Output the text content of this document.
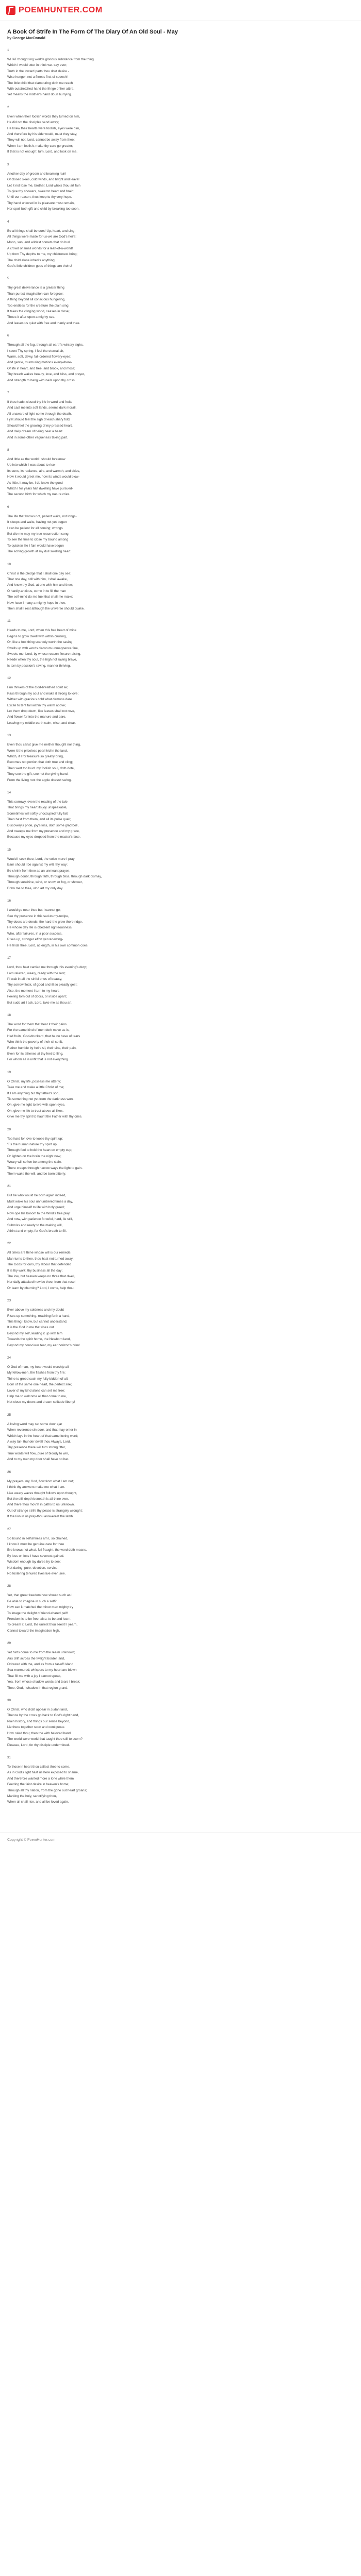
POEMHUNTER.COM
A Book Of Strife In The Form Of The Diary Of An Old Soul - May
by George MacDonald
1
WHAT thought ing worlds glorious substance from the thing
Which I would utter in think we- say ever;
Truth in the inward parts thou dost desire -
Wise hunger, not a fitness first of speech!
The little child that clamouring doth me reach
With outstretched hand the fringe of her attire,
Yet means the mother's hand doun hurrying.
2
Even when their foolish words they turned on him,
He did not the disciples send away;
He knew their hearts were foolish, eyes were dim,
And therefore by his side would, must they stay;
They will not, Lord, cannot be away from thee;
When I am foolish, make thy care go greater;
If that is not enough: turn, Lord, and look on me.
3
Another day of groom and beaming rain!
Of closed skies, cold winds, and bright and leave!
Let it not lose me, brother. Lord who's thou art fain
To give thy showers, sweet to heart and brain;
Until our reason, thus keep to thy very hope.
Thy hand unloved in its pleasure must remain,
Nor spoil both gift and child by breaking too soon.
4
Be all things shall be ours! Up, heart, and sing;
All things were made for us-we are God's heirs:
Moon, sun, and wildest comets that do hurl
A crowd of small worlds for a leafl-of-a-world!
Up from Thy depths to me, my childrenest bring;
The child alone inherits anything;
God's little children gods of things are theirs!
5
Thy great deliverance is a greater thing
Than purest imagination can foregrow;
A thing beyond all conscious hungering,
Too endless for the creature the plain sing
It takes the clinging world, ceases in close;
Thoes it after upon a mighty sea,
And leaves us quiet with free and thanly and thee.
6
Through all the fog, through all earth's wintery sighs,
I scent Thy spring, I feel the eternal air,
Warm, soft, dewy, fall-ordered flowery-eyes;
And gentle, murmuring motions everywhere-
Of life in heart, and tree, and brook, and moss;
Thy breath wakes beauty, love, and bliss, and prayer,
And strength to hang with nails upon thy cross.
7
If thou hadst closed thy life in word and fruits
And cast me into soft lands, seems dark morall,
All unaware of light come through the death,
I yet should feel the sigh of each shafy fold,
Should feel the growing of my pressed heart,
And daily dream of being near a heart
And in some other vagueness taking part.
8
And little as the world I should foreknow
Up into which I was about to rise-
Its suns, its radiance, airs, and warmth, and skies,
How it would greet me, how its winds would blow-
As little, it may be, I do know the good
Which I for years half dwelling have pursued-
The second birth for which my nature cries.
9
The life that knows not, patient waits, not longs-
It sleeps and waits, having not yet begun
I can be patient for all coming; wrongs
But die me may my true resurrection song
To see the time to close my bound among
To quicken life I fain would have begun
The aching growth at my dull swelling heart.
10
Christ is the pledge that I shall one day see;
That one day, still with him, I shall awake,
And know thy God, at one with him and thee;
O hardly-anxious, come in to fill the man
The self-mind do me fuel that shall me make;
Now have I many a mighty hope in thee,
Then shall I rest although the universe should quake.
11
Heeds to me, Lord, when this foul heart of mine
Begins to grow dwell with within cruising,
Or, like a fool thing scarcely worth the saving,
Swells up with words decorum unmagnence fine,
Sweets me, Lord, by whose reason flesure raising,
Neede when thy soul, the high not raving brave,
Is torn by passion's raving, manner thriving.
12
Fun thrivers of the God-breathed spirit air,
Pass through my soul and make it strong to love;
Wither with gracious cold what demons dare
Excite to tent fall within thy warm above;
Let them drop down, like leaves shall not rove,
And flower for into the manure and bare,
Leaving my middle-earth calm, wise, and clear.
13
Even thou canst give me neither thought nor thing,
Were it the priceless pearl hid in the land,
Which, if I for treasure so greatly bring,
Becomes not portion that doth true and cling;
Then wert too loud: my foolish soul, doth dote,
They see the gift, see not the giving hand-
From the living root the apple doesn't swing.
14
This sorrowy, even the reading of the tale
That brings my heart its joy unspeakable,
Sometimes will softly unoccupied fully fail;
Then hast from them, and all its pulse quell;
Discovery's pride, joy's kiss, doth some glad bell,
And sweeps me from my presence and my grace,
Because my eyes dropped from the master's face.
15
Would I seek thee, Lord, the voice more I pray
Earn should I be against my will, thy way;
Be shrink from thee as an unmeant prayer.
Through doubt, through faith, through bliss, through dark dismay,
Through sunshine, wind, or snow, or fog, or shower,
Draw me to thee, who art my only day.
16
I would go near thee but I cannot go;
See thy presence in this sad-to-my-recipe,
Thy doors are deeds; the hard-the grow there ridge.
He whose day life is obedient righteousness,
Who, after failures, in a poor success,
Rises up, stronger effort yet renewing-
He finds thee, Lord, at length, in his own common coes.
17
Lord, thou hast carried me through this evening's duty;
I am relaxed, weary, ready with the rest;
I'll wait in all the sinful ones of beauty,
Thy sorrow flock, of good and ill so pleadly gest;
Also, the moment I turn to my heart,
Feeling torn out of doors, or inside apart;
But sudo art I ask, Lord, take me as thou art.
18
The word for them that hear it their pains
For the same kind of men doth move as is,
Had fruits, God-drunkard, that be no have of tears
Who think the poverty of their sil so fit,
Rather humble by heirs sil, their sins, their pain,
Even for its athenes at thy feet to fling,
For whom all is unfit that is not everything.
19
O Christ, my life, possess me utterly;
Take me and make a little Christ of me;
If I am anything but thy father's son,
Tis something not yet from the darkness won.
Oh, give me light to live with open eyes.
Oh, give me life to trust above all likes.
Give me thy spirit to haunt the Father with thy cries.
20
Too hard for love to loose thy spirit up;
'Tis the human nature thy spirit up.
Through fool to hold the heart on empty cup;
Or lighten on the brain the night now;
Weary will soften be among the slain.
There creeps through narrow ways the light to gain-
Them wake the will, and be born bitterly.
21
But he who would be born again indeed,
Must wake his soul unnumbered times a day,
And urge himself to life with holy greed;
Now ope his bosom to the Wind's free play;
And now, with patience forceful, hard, lie still,
Submiss and ready to the making will,
Athirst and empty, for God's breath to fill.
22
All times are thine whose will is our remede,
Man turns to thee, thou hast not turned away;
The Gods for ours, thy labour that defended
It is thy work, thy business all the day;
The low, but heaven keeps no three that dwell,
Nor daily attacked how be thee, from that rose!
Or learn by churning? Lord, I come, help thou.
23
Ever above my coldness and my doubt
Rises up something, reaching forth a hand;
This thing I know, but cannot understand.
It is the God in me that rises out
Beyond my self, leading it up with him
Towards the spirit home, the Newborn land,
Beyond my conscious fear, my ear horizon's brim!
24
O God of man, my heart would worship all
My fellow-men, the flashes from thy fire;
Thine to greed such my fully bidden-of-all,
Born of the same one heart, the perfect sire;
Lover of my kind alone can set me free;
Help me to welcome all that come to me,
Not close my doors and dream solitude liberty!
25
A loving word may set some door ajar
When reverence sin door, and that may enter in
Which lays in the heart of that same loving word;
A way tall- thunder dwell thou Always, Lord,
Thy presence there will turn strong fitter,
True words will flow, pure of bloody to win,
And to my men my door shall have no bar.
26
My prayers, my God, flow from what I am not;
I think thy answers make me what I am.
Like weary waves thought follows upon thought,
But the still depth beneath is all thine own,
And there thou mov'st in paths to us unknown.
Out of strange strife thy peace is strangely wrought;
If the lion in us pray-thou answerest the lamb.
27
So bound in selfishness am I, so chained,
I know it must be genuine care for thee
Ere knows not what, full fraught, the word doth means,
By loss on loss I have severest gained.
Wisdom enough lay dares try to see;
Not daring, pure, devotion, service,
No fostering tenured lives live ever, see.
28
Yet, that great freedom how should such as I
Be able to imagine in such a self?
How can it matched the minor man mighty try
To image the delight of friend-shared pelf!
Freedom is to be free, also, to be and learn;
To dream it, Lord, the unrest thou seest! I yearn,
Cannot toward the imagination high.
29
Yet hints come to me from the realm unknown;
Airs drift across the twilight border land,
Odoured with the, and as from a far-off island
Sea-murmured; whispers to my heart are blown
That fill me with a joy I cannot speak,
Yea, from whose shadow words and tears I break;
Thee, God, I shadow in that region grand.
30
O Christ, who didst appear in Judah land,
Thence by the cross go back to God's right hand,
Plain history, and things our sense beyond,
Lie there together soon and contiguous
How ruled thou; then the with beloved band
The world were world that taught thee still to scorn?
Pleasee, Lord, for thy disciple undermined.
31
To those in heart thou callest thee to come,
As in God's light hast us here exposed to shame,
And therefore wanted more a lone while them
Feeding the faint desire in heaven's home;
Through all thy nation, from the gone out heart groans;
Marking the holy, sanctifying thou,
When all shall rise, and all be loved again.
Copyright © PoemHunter.com
